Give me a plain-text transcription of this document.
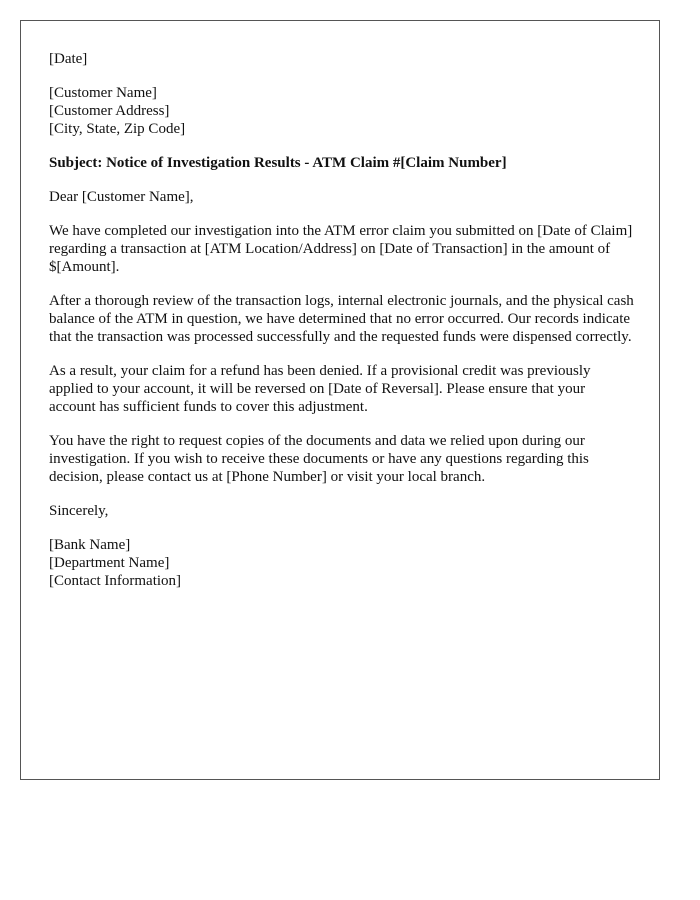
[Date]

[Customer Name]
[Customer Address]
[City, State, Zip Code]

Subject: Notice of Investigation Results - ATM Claim #[Claim Number]

Dear [Customer Name],

We have completed our investigation into the ATM error claim you submitted on [Date of Claim] regarding a transaction at [ATM Location/Address] on [Date of Transaction] in the amount of $[Amount].

After a thorough review of the transaction logs, internal electronic journals, and the physical cash balance of the ATM in question, we have determined that no error occurred. Our records indicate that the transaction was processed successfully and the requested funds were dispensed correctly.

As a result, your claim for a refund has been denied. If a provisional credit was previously applied to your account, it will be reversed on [Date of Reversal]. Please ensure that your account has sufficient funds to cover this adjustment.

You have the right to request copies of the documents and data we relied upon during our investigation. If you wish to receive these documents or have any questions regarding this decision, please contact us at [Phone Number] or visit your local branch.

Sincerely,

[Bank Name]
[Department Name]
[Contact Information]
